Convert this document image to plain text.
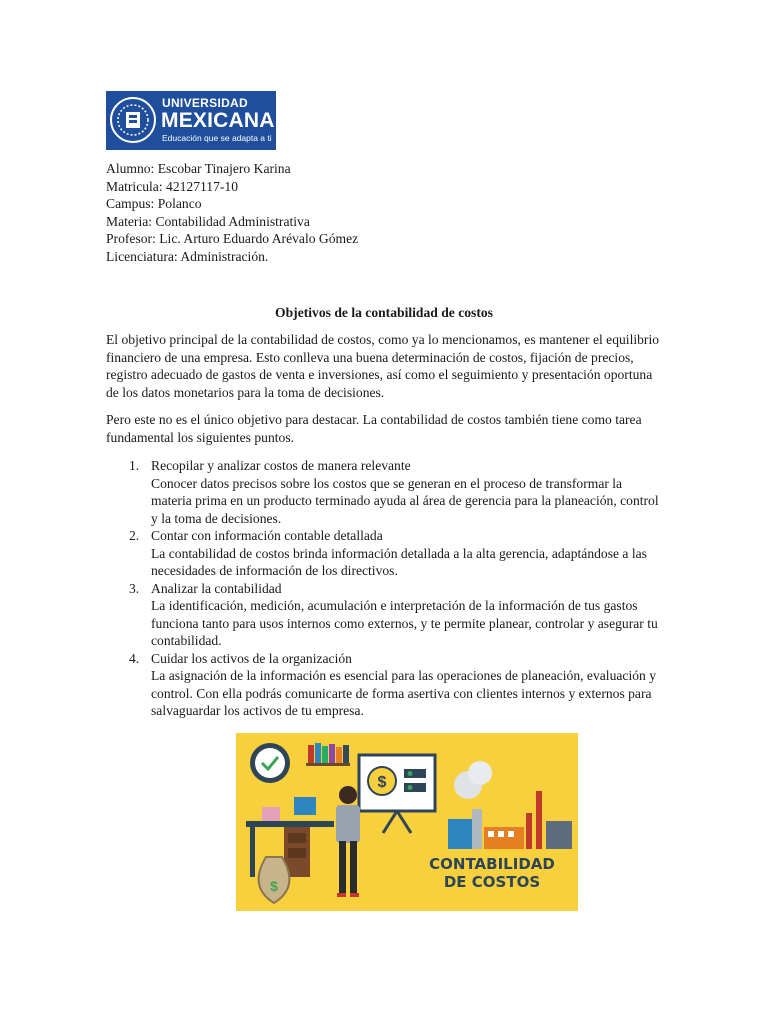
UNIVERSIDAD
MEXICANA
Educación que se adapta a ti
Alumno: Escobar Tinajero Karina
Matricula: 42127117-10
Campus: Polanco
Materia: Contabilidad Administrativa
Profesor: Lic. Arturo Eduardo Arévalo Gómez
Licenciatura: Administración.
Objetivos de la contabilidad de costos
El objetivo principal de la contabilidad de costos, como ya lo mencionamos, es mantener el equilibrio financiero de una empresa. Esto conlleva una buena determinación de costos, fijación de precios, registro adecuado de gastos de venta e inversiones, así como el seguimiento y presentación oportuna de los datos monetarios para la toma de decisiones.
Pero este no es el único objetivo para destacar. La contabilidad de costos también tiene como tarea fundamental los siguientes puntos.
1. Recopilar y analizar costos de manera relevante
Conocer datos precisos sobre los costos que se generan en el proceso de transformar la materia prima en un producto terminado ayuda al área de gerencia para la planeación, control y la toma de decisiones.
2. Contar con información contable detallada
La contabilidad de costos brinda información detallada a la alta gerencia, adaptándose a las necesidades de información de los directivos.
3. Analizar la contabilidad
La identificación, medición, acumulación e interpretación de la información de tus gastos funciona tanto para usos internos como externos, y te permite planear, controlar y asegurar tu contabilidad.
4. Cuidar los activos de la organización
La asignación de la información es esencial para las operaciones de planeación, evaluación y control. Con ella podrás comunicarte de forma asertiva con clientes internos y externos para salvaguardar los activos de tu empresa.
$
$
CONTABILIDAD
DE COSTOS
